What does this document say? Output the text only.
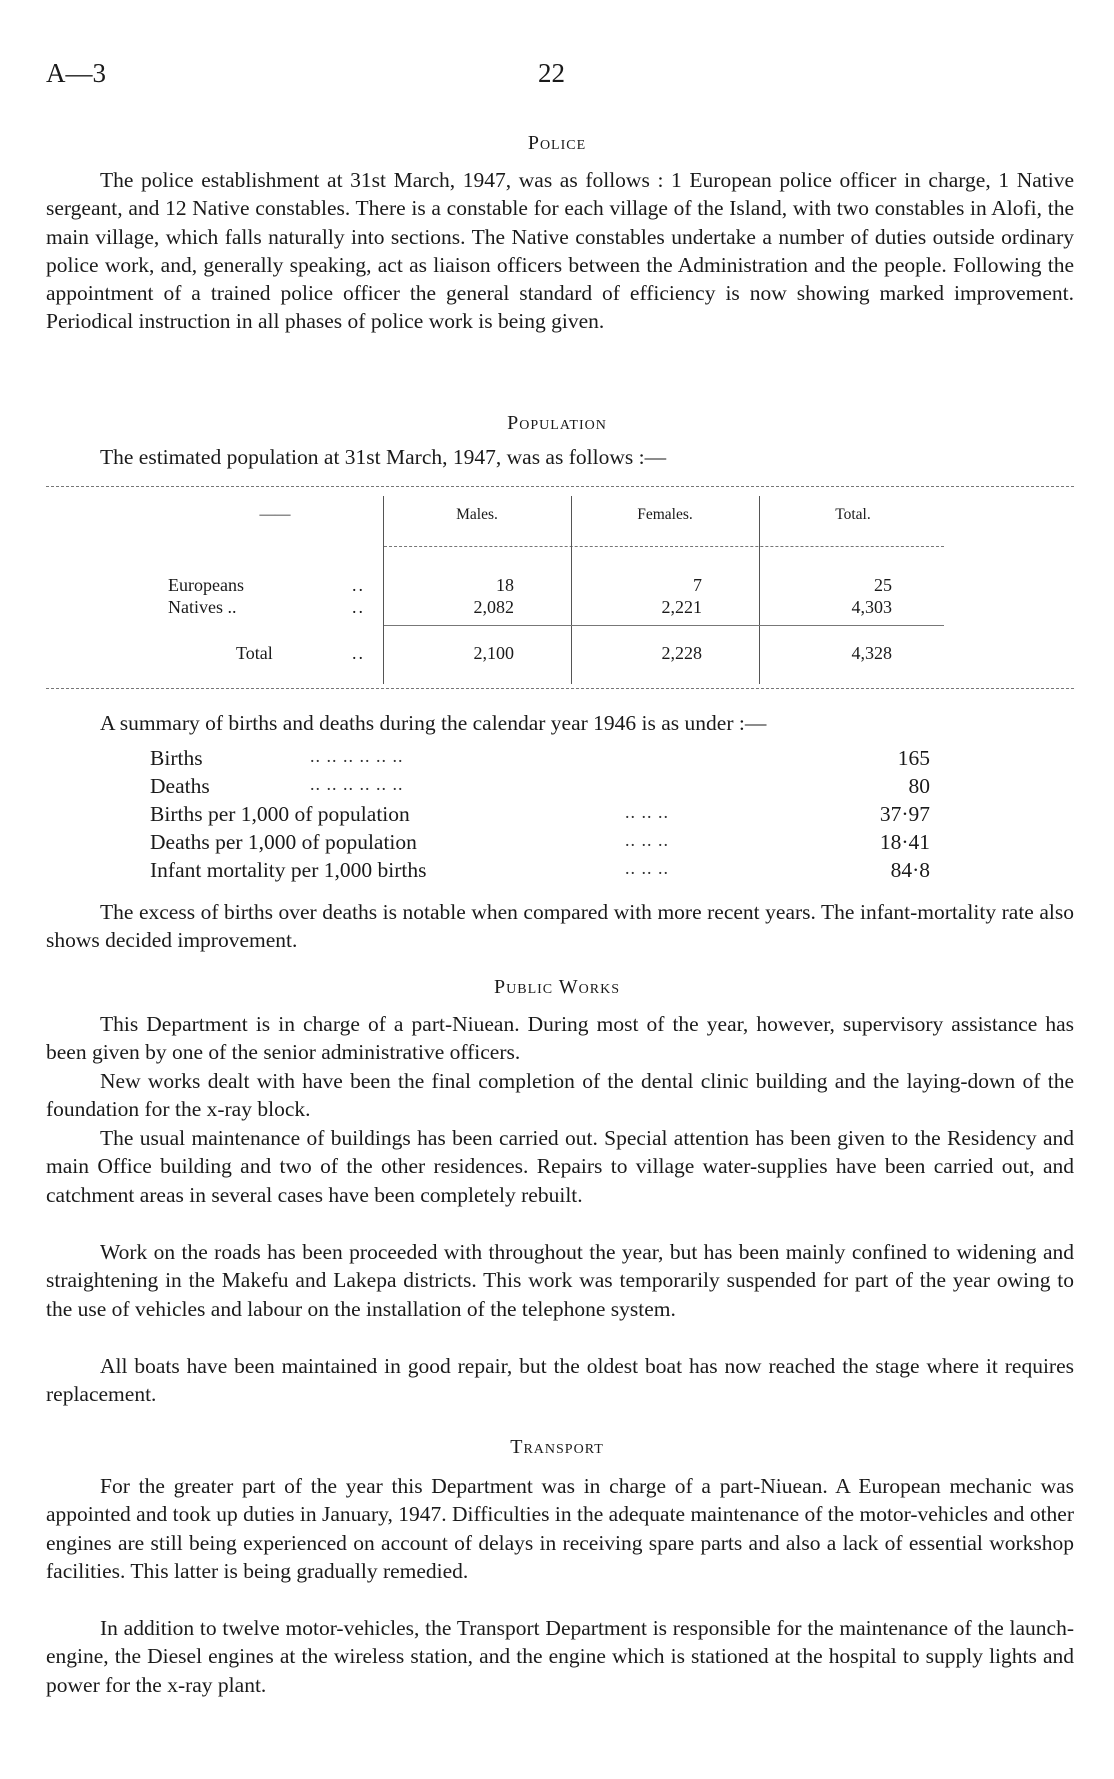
A—3	22
Police
The police establishment at 31st March, 1947, was as follows : 1 European police officer in charge, 1 Native sergeant, and 12 Native constables. There is a constable for each village of the Island, with two constables in Alofi, the main village, which falls naturally into sections. The Native constables undertake a number of duties outside ordinary police work, and, generally speaking, act as liaison officers between the Administration and the people. Following the appointment of a trained police officer the general standard of efficiency is now showing marked improvement. Periodical instruction in all phases of police work is being given.
Population
The estimated population at 31st March, 1947, was as follows :—
——	Males.	Females.	Total.
Europeans	..	18	7	25
Natives ..	..	2,082	2,221	4,303
Total	..	2,100	2,228	4,328
A summary of births and deaths during the calendar year 1946 is as under :—
Births	.. .. .. .. .. ..	165
Deaths	.. .. .. .. .. ..	80
Births per 1,000 of population	.. .. ..	37·97
Deaths per 1,000 of population	.. .. ..	18·41
Infant mortality per 1,000 births	.. .. ..	84·8
The excess of births over deaths is notable when compared with more recent years. The infant-mortality rate also shows decided improvement.
Public Works
This Department is in charge of a part-Niuean. During most of the year, however, supervisory assistance has been given by one of the senior administrative officers.
New works dealt with have been the final completion of the dental clinic building and the laying-down of the foundation for the x-ray block.
The usual maintenance of buildings has been carried out. Special attention has been given to the Residency and main Office building and two of the other residences. Repairs to village water-supplies have been carried out, and catchment areas in several cases have been completely rebuilt.
Work on the roads has been proceeded with throughout the year, but has been mainly confined to widening and straightening in the Makefu and Lakepa districts. This work was temporarily suspended for part of the year owing to the use of vehicles and labour on the installation of the telephone system.
All boats have been maintained in good repair, but the oldest boat has now reached the stage where it requires replacement.
Transport
For the greater part of the year this Department was in charge of a part-Niuean. A European mechanic was appointed and took up duties in January, 1947. Difficulties in the adequate maintenance of the motor-vehicles and other engines are still being experienced on account of delays in receiving spare parts and also a lack of essential workshop facilities. This latter is being gradually remedied.
In addition to twelve motor-vehicles, the Transport Department is responsible for the maintenance of the launch-engine, the Diesel engines at the wireless station, and the engine which is stationed at the hospital to supply lights and power for the x-ray plant.
